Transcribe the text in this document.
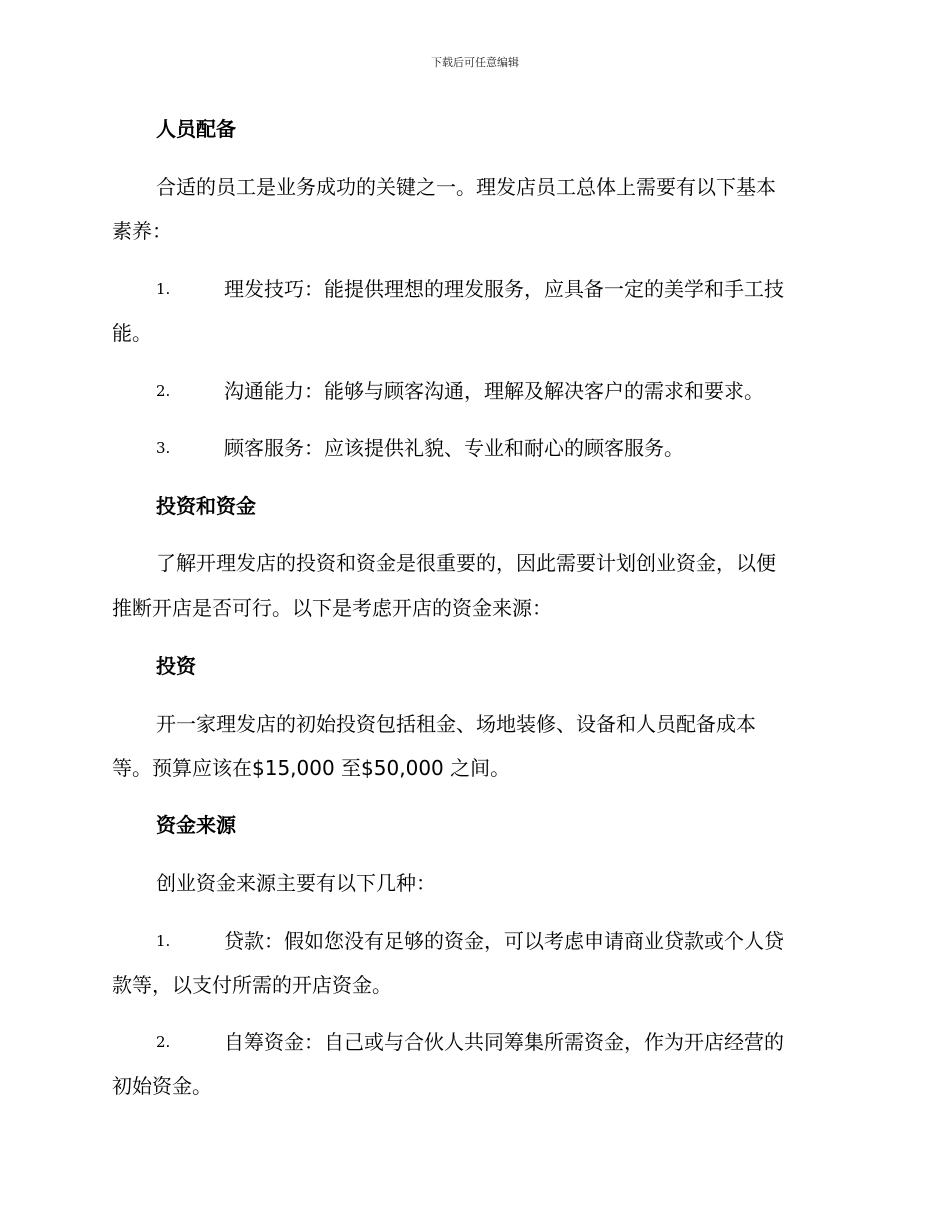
下载后可任意编辑
人员配备
合适的员工是业务成功的关键之一。理发店员工总体上需要有以下基本
素养：
1.	理发技巧：能提供理想的理发服务，应具备一定的美学和手工技
能。
2.	沟通能力：能够与顾客沟通，理解及解决客户的需求和要求。
3.	顾客服务：应该提供礼貌、专业和耐心的顾客服务。
投资和资金
了解开理发店的投资和资金是很重要的，因此需要计划创业资金，以便
推断开店是否可行。以下是考虑开店的资金来源：
投资
开一家理发店的初始投资包括租金、场地装修、设备和人员配备成本
等。预算应该在$15,000 至$50,000 之间。
资金来源
创业资金来源主要有以下几种：
1.	贷款：假如您没有足够的资金，可以考虑申请商业贷款或个人贷
款等，以支付所需的开店资金。
2.	自筹资金：自己或与合伙人共同筹集所需资金，作为开店经营的
初始资金。
